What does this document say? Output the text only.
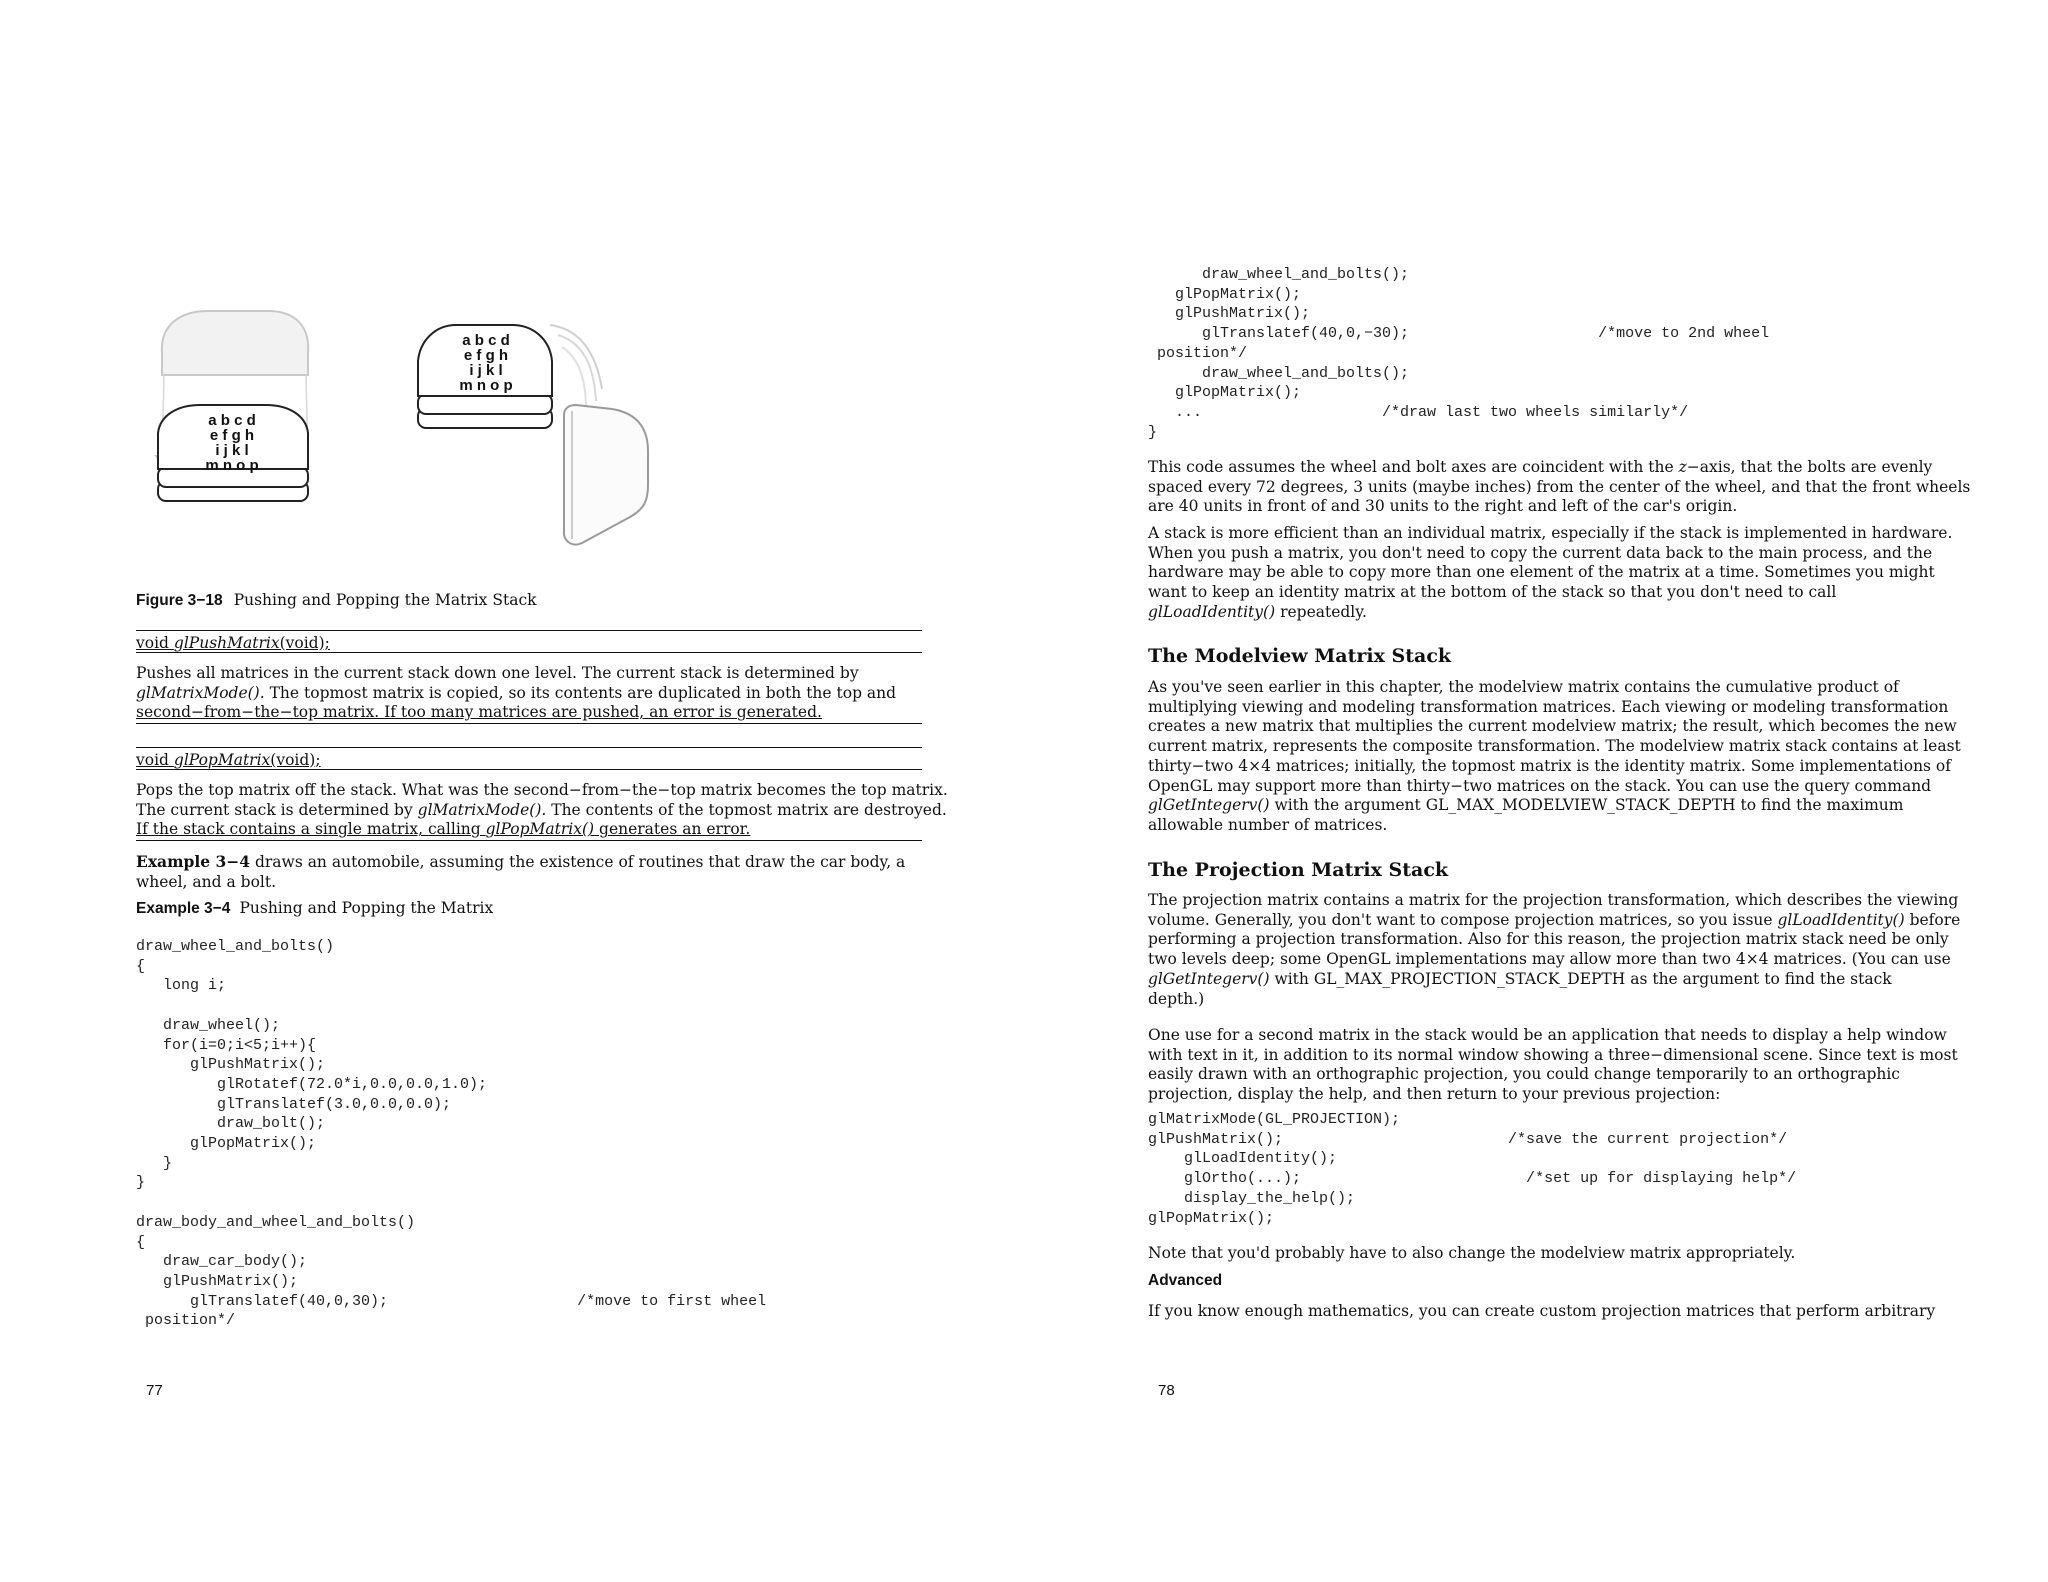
a b c d
e f g h
i j k l
m n o p
a b c d
e f g h
i j k l
m n o p
Figure 3−18 Pushing and Popping the Matrix Stack
void glPushMatrix(void);

Pushes all matrices in the current stack down one level. The current stack is determined by

glMatrixMode(). The topmost matrix is copied, so its contents are duplicated in both the top and

second−from−the−top matrix. If too many matrices are pushed, an error is generated.

void glPopMatrix(void);

Pops the top matrix off the stack. What was the second−from−the−top matrix becomes the top matrix.

The current stack is determined by glMatrixMode(). The contents of the topmost matrix are destroyed.

If the stack contains a single matrix, calling glPopMatrix() generates an error.

Example 3−4 draws an automobile, assuming the existence of routines that draw the car body, a

wheel, and a bolt.

Example 3−4 Pushing and Popping the Matrix
draw_wheel_and_bolts()
{
long i;

draw_wheel();
for(i=0;i<5;i++){
glPushMatrix();
glRotatef(72.0*i,0.0,0.0,1.0);
glTranslatef(3.0,0.0,0.0);
draw_bolt();
glPopMatrix();
}
}

draw_body_and_wheel_and_bolts()
{
draw_car_body();
glPushMatrix();
glTranslatef(40,0,30);                     /*move to first wheel
position*/
77
draw_wheel_and_bolts();
glPopMatrix();
glPushMatrix();
glTranslatef(40,0,−30);                     /*move to 2nd wheel
position*/
draw_wheel_and_bolts();
glPopMatrix();
...                    /*draw last two wheels similarly*/
}

This code assumes the wheel and bolt axes are coincident with the z−axis, that the bolts are evenly

spaced every 72 degrees, 3 units (maybe inches) from the center of the wheel, and that the front wheels

are 40 units in front of and 30 units to the right and left of the car's origin.

A stack is more efficient than an individual matrix, especially if the stack is implemented in hardware.

When you push a matrix, you don't need to copy the current data back to the main process, and the

hardware may be able to copy more than one element of the matrix at a time. Sometimes you might

want to keep an identity matrix at the bottom of the stack so that you don't need to call

glLoadIdentity() repeatedly.

The Modelview Matrix Stack

As you've seen earlier in this chapter, the modelview matrix contains the cumulative product of

multiplying viewing and modeling transformation matrices. Each viewing or modeling transformation

creates a new matrix that multiplies the current modelview matrix; the result, which becomes the new

current matrix, represents the composite transformation. The modelview matrix stack contains at least

thirty−two 4×4 matrices; initially, the topmost matrix is the identity matrix. Some implementations of

OpenGL may support more than thirty−two matrices on the stack. You can use the query command

glGetIntegerv() with the argument GL_MAX_MODELVIEW_STACK_DEPTH to find the maximum

allowable number of matrices.

The Projection Matrix Stack

The projection matrix contains a matrix for the projection transformation, which describes the viewing

volume. Generally, you don't want to compose projection matrices, so you issue glLoadIdentity() before

performing a projection transformation. Also for this reason, the projection matrix stack need be only

two levels deep; some OpenGL implementations may allow more than two 4×4 matrices. (You can use

glGetIntegerv() with GL_MAX_PROJECTION_STACK_DEPTH as the argument to find the stack

depth.)

One use for a second matrix in the stack would be an application that needs to display a help window

with text in it, in addition to its normal window showing a three−dimensional scene. Since text is most

easily drawn with an orthographic projection, you could change temporarily to an orthographic

projection, display the help, and then return to your previous projection:

glMatrixMode(GL_PROJECTION);
glPushMatrix();                         /*save the current projection*/
glLoadIdentity();
glOrtho(...);                         /*set up for displaying help*/
display_the_help();
glPopMatrix();
Note that you'd probably have to also change the modelview matrix appropriately.
Advanced
If you know enough mathematics, you can create custom projection matrices that perform arbitrary
78
